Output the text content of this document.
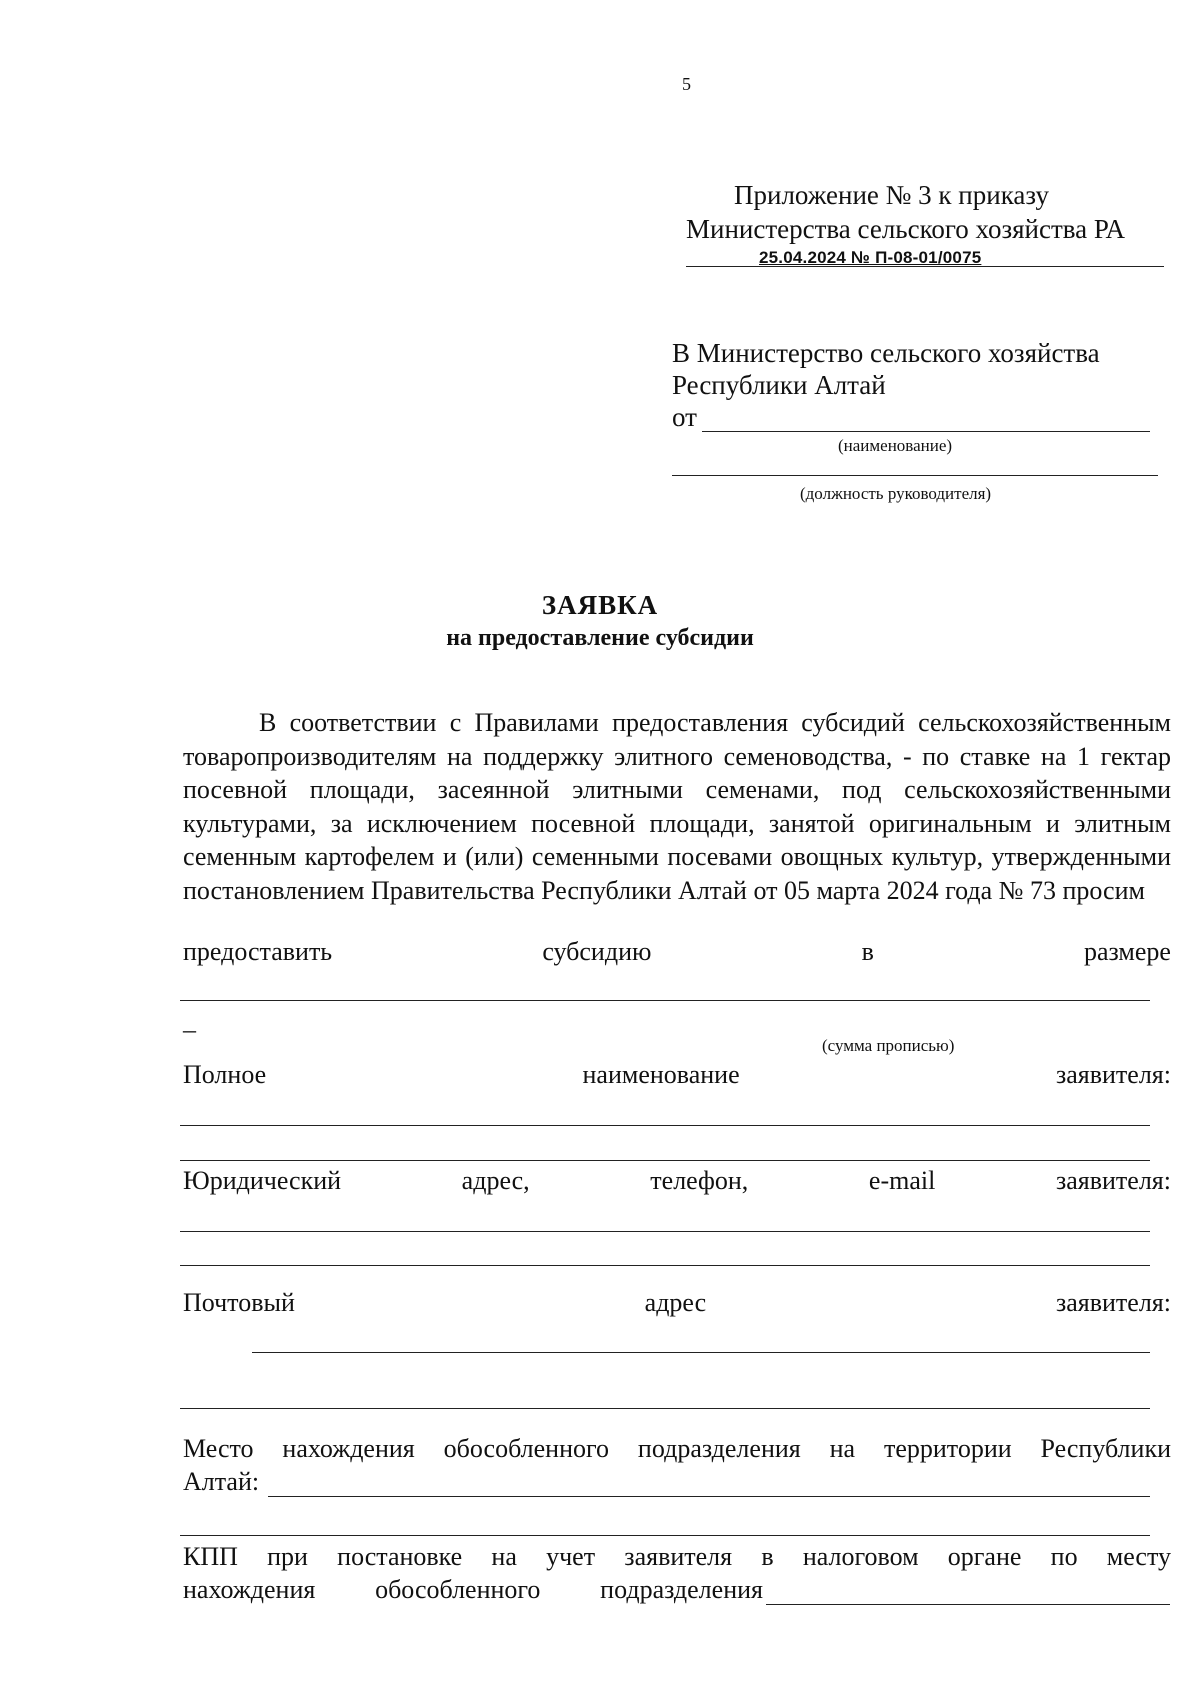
5
Приложение № 3 к приказу
Министерства сельского хозяйства РА
25.04.2024 № П-08-01/0075
В Министерство сельского хозяйства
Республики Алтай
от
(наименование)
(должность руководителя)
ЗАЯВКА
на предоставление субсидии
В соответствии с Правилами предоставления субсидий сельскохозяйственным товаропроизводителям на поддержку элитного семеноводства, - по ставке на 1 гектар посевной площади, засеянной элитными семенами, под сельскохозяйственными культурами, за исключением посевной площади, занятой оригинальным и элитным семенным картофелем и (или) семенными посевами овощных культур, утвержденными постановлением Правительства Республики Алтай от 05 марта 2024 года № 73 просим
предоставить	субсидию	в	размере
–
(сумма прописью)
Полное	наименование	заявителя:
Юридический	адрес,	телефон,	e-mail	заявителя:
Почтовый	адрес	заявителя:
Место нахождения обособленного подразделения на территории Республики
Алтай:
КПП при постановке на учет заявителя в налоговом органе по месту
нахождения обособленного подразделения
